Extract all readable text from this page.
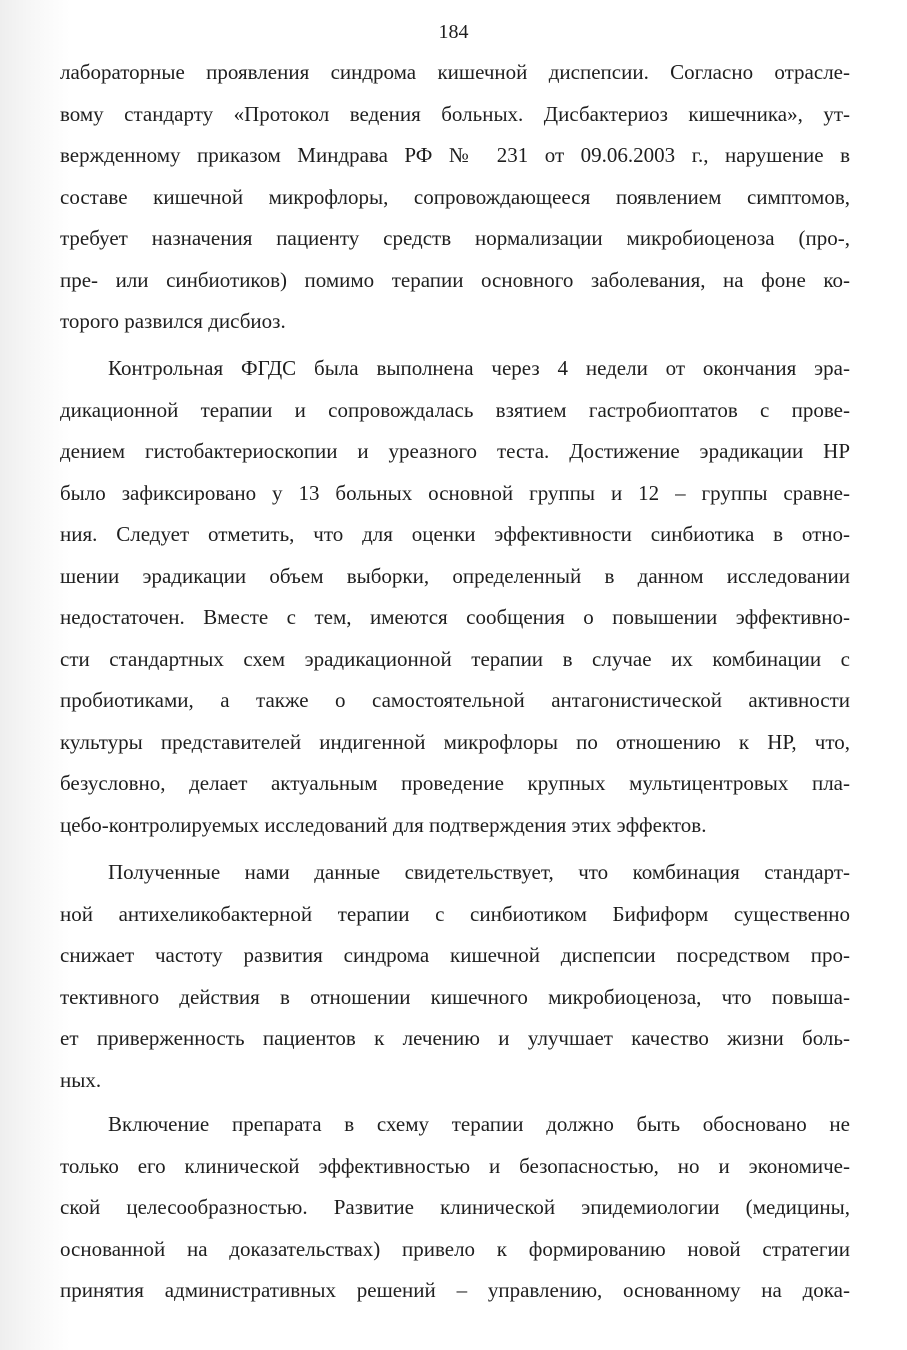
184
лабораторные проявления синдрома кишечной диспепсии. Согласно отрасле-
вому стандарту «Протокол ведения больных. Дисбактериоз кишечника», ут-
вержденному приказом Миндрава РФ № 231 от 09.06.2003 г., нарушение в
составе кишечной микрофлоры, сопровождающееся появлением симптомов,
требует назначения пациенту средств нормализации микробиоценоза (про-,
пре- или синбиотиков) помимо терапии основного заболевания, на фоне ко-
торого развился дисбиоз.
Контрольная ФГДС была выполнена через 4 недели от окончания эра-
дикационной терапии и сопровождалась взятием гастробиоптатов с прове-
дением гистобактериоскопии и уреазного теста. Достижение эрадикации НР
было зафиксировано у 13 больных основной группы и 12 – группы сравне-
ния. Следует отметить, что для оценки эффективности синбиотика в отно-
шении эрадикации объем выборки, определенный в данном исследовании
недостаточен. Вместе с тем, имеются сообщения о повышении эффективно-
сти стандартных схем эрадикационной терапии в случае их комбинации с
пробиотиками, а также о самостоятельной антагонистической активности
культуры представителей индигенной микрофлоры по отношению к НР, что,
безусловно, делает актуальным проведение крупных мультицентровых пла-
цебо-контролируемых исследований для подтверждения этих эффектов.
Полученные нами данные свидетельствует, что комбинация стандарт-
ной антихеликобактерной терапии с синбиотиком Бифиформ существенно
снижает частоту развития синдрома кишечной диспепсии посредством про-
тективного действия в отношении кишечного микробиоценоза, что повыша-
ет приверженность пациентов к лечению и улучшает качество жизни боль-
ных.
Включение препарата в схему терапии должно быть обосновано не
только его клинической эффективностью и безопасностью, но и экономиче-
ской целесообразностью. Развитие клинической эпидемиологии (медицины,
основанной на доказательствах) привело к формированию новой стратегии
принятия административных решений – управлению, основанному на дока-
